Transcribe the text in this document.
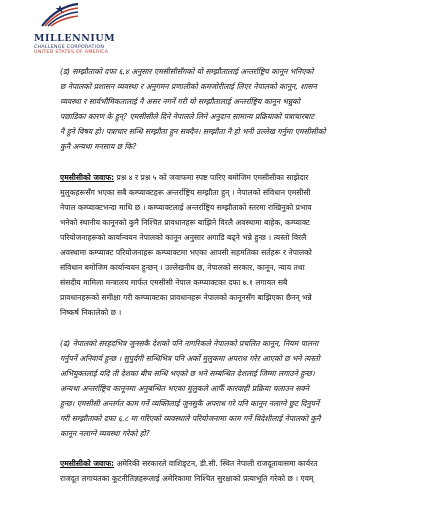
MILLENNIUM
CHALLENGE CORPORATION
UNITED STATES OF AMERICA

(ड) सम्झौताको दफा ६.४ अनुसार एमसीसीसँगको यो सम्झौतालाई अन्तर्राष्ट्रिय कानून भनिएको

छ नेपालको प्रशासन व्यवस्था र अनुगमन प्रणालीको कमजोरीलाई लिएर नेपालको कानून, शासन

व्यवस्था र सार्वभौमिकतालाई नै असर नगर्ने गरी यो सम्झौतालाई अन्तर्राष्ट्रिय कानून भन्नुको

पछाडिका कारण के हुन्? एमसीसीले दिने नेपालले लिने अनुदान सामान्य प्रक्रियाको पत्राचारबाट

नै हुने विषय हो। पत्राचार सन्धि सम्झौता हुन सक्दैन। सम्झौता नै हो भनी उल्लेख गर्नुमा एमसीसीको

कुनै अन्यथा मनसाय छ कि?

एमसीसीको जवाफ: प्रश्न ४ र प्रश्न ५ को जवाफमा स्पष्ट पारिए बमोजिम एमसीसीका साझेदार

मुलुकहरूसँग भएका सबै कम्प्याक्टहरू अन्तर्राष्ट्रिय सम्झौता हुन् । नेपालको संविधान एमसीसी

नेपाल कम्प्याक्टभन्दा माथि छ । कम्प्याक्टलाई अन्तर्राष्ट्रिय सम्झौताको स्तरमा राखिनुको प्रभाव

भनेको स्थानीय कानूनको कुनै निश्चित प्रावधानहरू बाझिने विरलै अवस्थामा बाहेक, कम्प्याक्ट

परियोजनाहरूको कार्यान्वयन नेपालको कानून अनुसार अगाडि बढ्ने भन्ने हुन्छ । त्यस्तो विरलै

अवस्थामा कम्प्याक्ट परियोजनाहरू कम्प्याक्टमा भएका आपसी सहमतिका सर्तहरू र नेपालको

संविधान बमोजिम कार्यान्वयन हुन्छन् । उल्लेखनीय छ, नेपालको सरकार, कानून, न्याय तथा

संसदीय मामिला मन्त्रालय मार्फत एमसीसी नेपाल कम्प्याक्टका दफा ७.१ लगायत सबै

प्रावधानहरूको समीक्षा गरी कम्प्याक्टका प्रावधानहरू नेपालको कानूनसँग बाझिएका छैनन् भन्ने

निष्कर्ष निकालेको छ ।

(ढ) नेपालको सरहदभित्र जुनसकै देशको पनि नागरिकले नेपालको प्रचलित कानून, नियम पालना

गर्नुपर्ने अनिवार्य हुन्छ । सुपुर्दगी सन्धिभित्र पनि अर्को मुलुकमा अपराध गरेर आएको छ भने त्यस्तो

अभियुक्तलाई यदि ती देशका बीच सन्धि भएको छ भने सम्बन्धित देशलाई जिम्मा लगाउने हुन्छ।

अन्यथा अन्तर्राष्ट्रिय कानूनमा अनुबन्धित भएका मुलुकले आफैँ कारवाही प्रक्रिया चलाउन सक्ने

हुन्छ। एमसीसी अन्तर्गत काम गर्ने व्यक्तिलाई जुनसुकै अपराध गरे पनि कानून नलाग्ने छुट दिनुपर्ने

गरी सम्झौताको दफा ६.८ मा गरिएको व्यवस्थाले परियोजनामा काम गर्ने विदेशीलाई नेपालको कुनै

कानून नलाग्ने व्यवस्था गरेको हो?

एमसीसीको जवाफ: अमेरिकी सरकारले वाशिङ्टन, डी.सी. स्थित नेपाली राजदूतावासमा कार्यरत

राजदूत लगायतका कूटनीतिज्ञहरूलाई अमेरिकामा निश्चित सुरक्षाको प्रत्याभूति गरेको छ । एवम्
